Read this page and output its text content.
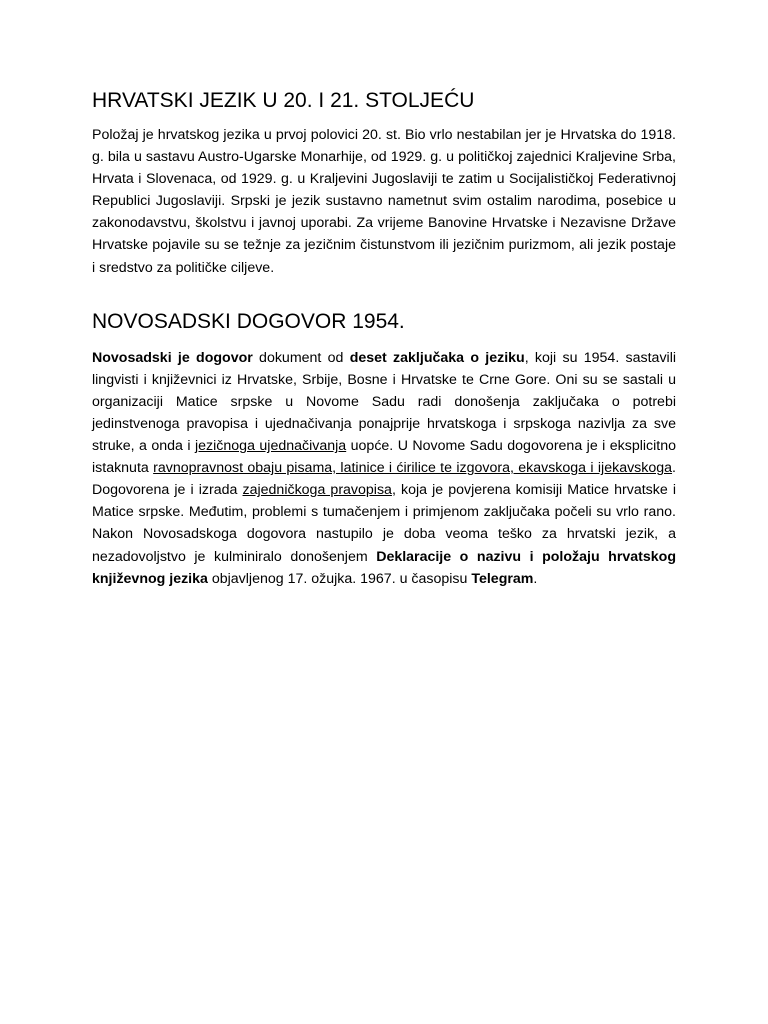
HRVATSKI JEZIK U 20. I 21. STOLJEĆU

Položaj je hrvatskog jezika u prvoj polovici 20. st. Bio vrlo nestabilan jer je Hrvatska do 1918. g. bila u sastavu Austro-Ugarske Monarhije, od 1929. g. u političkoj zajednici Kraljevine Srba, Hrvata i Slovenaca, od 1929. g. u Kraljevini Jugoslaviji te zatim u Socijalističkoj Federativnoj Republici Jugoslaviji. Srpski je jezik sustavno nametnut svim ostalim narodima, posebice u zakonodavstvu, školstvu i javnoj uporabi. Za vrijeme Banovine Hrvatske i Nezavisne Države Hrvatske pojavile su se težnje za jezičnim čistunstvom ili jezičnim purizmom, ali jezik postaje i sredstvo za političke ciljeve.

NOVOSADSKI DOGOVOR 1954.

Novosadski je dogovor dokument od deset zaključaka o jeziku, koji su 1954. sastavili lingvisti i književnici iz Hrvatske, Srbije, Bosne i Hrvatske te Crne Gore. Oni su se sastali u organizaciji Matice srpske u Novome Sadu radi donošenja zaključaka o potrebi jedinstvenoga pravopisa i ujednačivanja ponajprije hrvatskoga i srpskoga nazivlja za sve struke, a onda i jezičnoga ujednačivanja uopće. U Novome Sadu dogovorena je i eksplicitno istaknuta ravnopravnost obaju pisama, latinice i ćirilice te izgovora, ekavskoga i ijekavskoga. Dogovorena je i izrada zajedničkoga pravopisa, koja je povjerena komisiji Matice hrvatske i Matice srpske. Međutim, problemi s tumačenjem i primjenom zaključaka počeli su vrlo rano. Nakon Novosadskoga dogovora nastupilo je doba veoma teško za hrvatski jezik, a nezadovoljstvo je kulminiralo donošenjem Deklaracije o nazivu i položaju hrvatskog književnog jezika objavljenog 17. ožujka. 1967. u časopisu Telegram.
